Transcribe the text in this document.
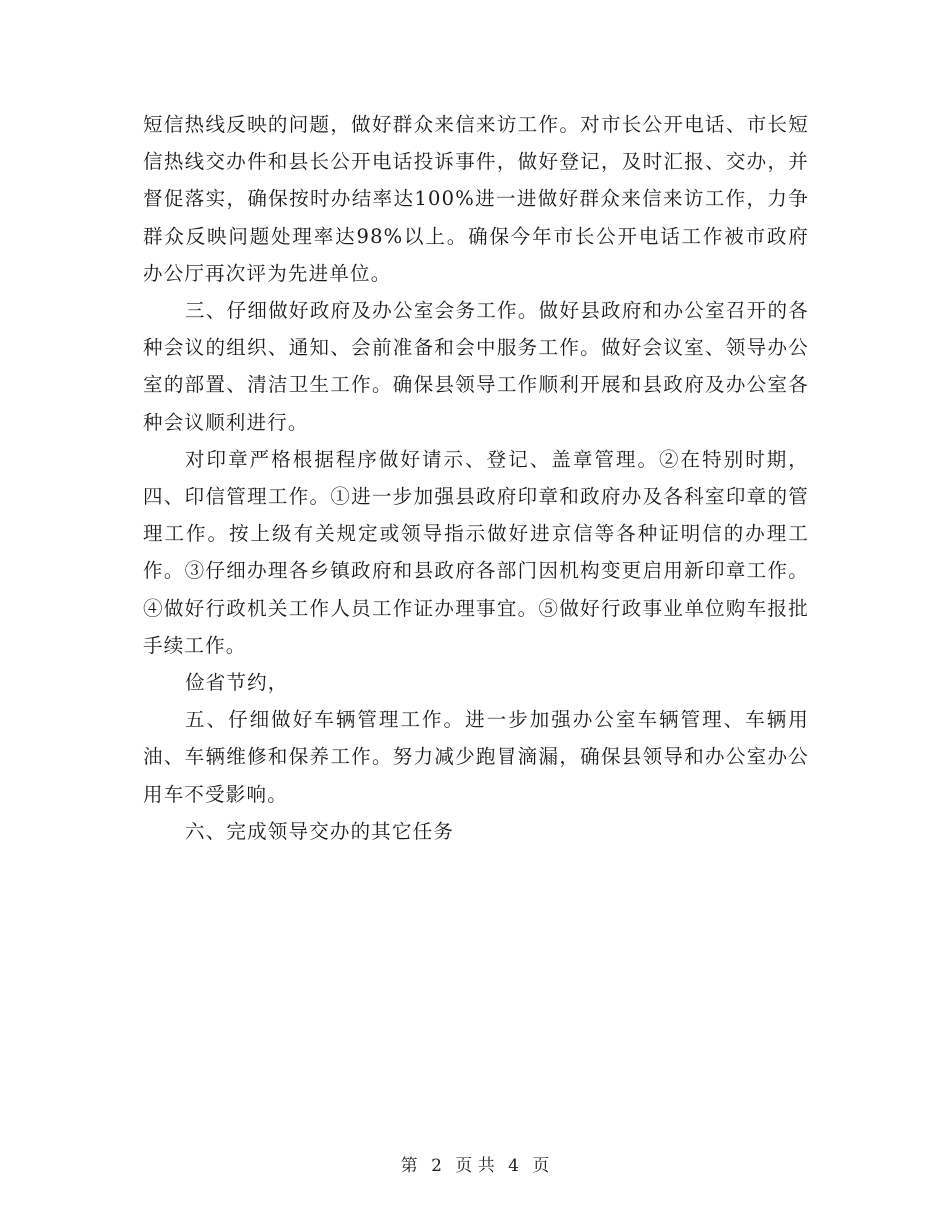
短信热线反映的问题，做好群众来信来访工作。对市长公开电话、市长短信热线交办件和县长公开电话投诉事件，做好登记，及时汇报、交办，并督促落实，确保按时办结率达100%进一进做好群众来信来访工作，力争群众反映问题处理率达98%以上。确保今年市长公开电话工作被市政府办公厅再次评为先进单位。

三、仔细做好政府及办公室会务工作。做好县政府和办公室召开的各种会议的组织、通知、会前准备和会中服务工作。做好会议室、领导办公室的部置、清洁卫生工作。确保县领导工作顺利开展和县政府及办公室各种会议顺利进行。

对印章严格根据程序做好请示、登记、盖章管理。②在特别时期，四、印信管理工作。①进一步加强县政府印章和政府办及各科室印章的管理工作。按上级有关规定或领导指示做好进京信等各种证明信的办理工作。③仔细办理各乡镇政府和县政府各部门因机构变更启用新印章工作。④做好行政机关工作人员工作证办理事宜。⑤做好行政事业单位购车报批手续工作。

俭省节约，

五、仔细做好车辆管理工作。进一步加强办公室车辆管理、车辆用油、车辆维修和保养工作。努力减少跑冒滴漏，确保县领导和办公室办公用车不受影响。

六、完成领导交办的其它任务

第 2 页 共 4 页
